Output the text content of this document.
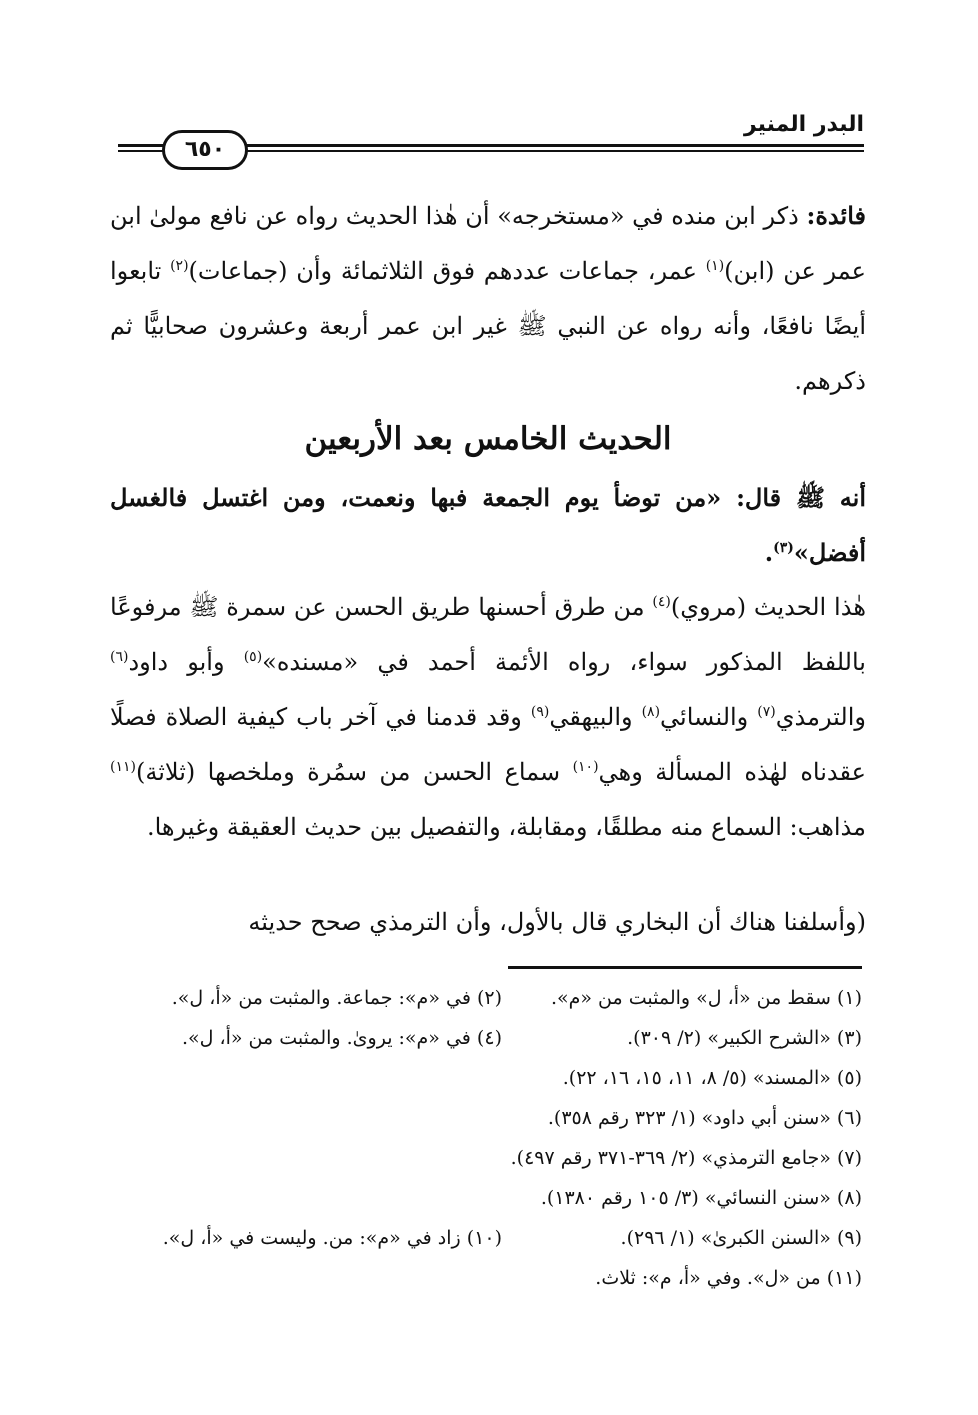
البدر المنير
٦٥٠
فائدة: ذكر ابن منده في «مستخرجه» أن هٰذا الحديث رواه عن نافع مولىٰ ابن عمر عن (ابن)$^{(١)}$ عمر، جماعات عددهم فوق الثلاثمائة وأن (جماعات)$^{(٢)}$ تابعوا أيضًا نافعًا، وأنه رواه عن النبي ﷺ غير ابن عمر أربعة وعشرون صحابيًّا ثم ذكرهم.
الحديث الخامس بعد الأربعين
أنه ﷺ قال: «من توضأ يوم الجمعة فبها ونعمت، ومن اغتسل فالغسل أفضل»$^{(٣)}$.
هٰذا الحديث (مروي)$^{(٤)}$ من طرق أحسنها طريق الحسن عن سمرة ﷺ مرفوعًا باللفظ المذكور سواء، رواه الأئمة أحمد في «مسنده»$^{(٥)}$ وأبو داود$^{(٦)}$ والترمذي$^{(٧)}$ والنسائي$^{(٨)}$ والبيهقي$^{(٩)}$ وقد قدمنا في آخر باب كيفية الصلاة فصلًا عقدناه لهٰذه المسألة وهي$^{(١٠)}$ سماع الحسن من سمُرة وملخصها (ثلاثة)$^{(١١)}$ مذاهب: السماع منه مطلقًا، ومقابلة، والتفصيل بين حديث العقيقة وغيرها.
(وأسلفنا هناك أن البخاري قال بالأول، وأن الترمذي صحح حديثه
(١) سقط من «أ، ل» والمثبت من «م».
(٢) في «م»: جماعة. والمثبت من «أ، ل».
(٣) «الشرح الكبير» (٢/ ٣٠٩).
(٤) في «م»: يروىٰ. والمثبت من «أ، ل».
(٥) «المسند» (٥/ ٨، ١١، ١٥، ١٦، ٢٢).
(٦) «سنن أبي داود» (١/ ٣٢٣ رقم ٣٥٨).
(٧) «جامع الترمذي» (٢/ ٣٦٩-٣٧١ رقم ٤٩٧).
(٨) «سنن النسائي» (٣/ ١٠٥ رقم ١٣٨٠).
(٩) «السنن الكبرىٰ» (١/ ٢٩٦).
(١٠) زاد في «م»: من. وليست في «أ، ل».
(١١) من «ل». وفي «أ، م»: ثلاث.
